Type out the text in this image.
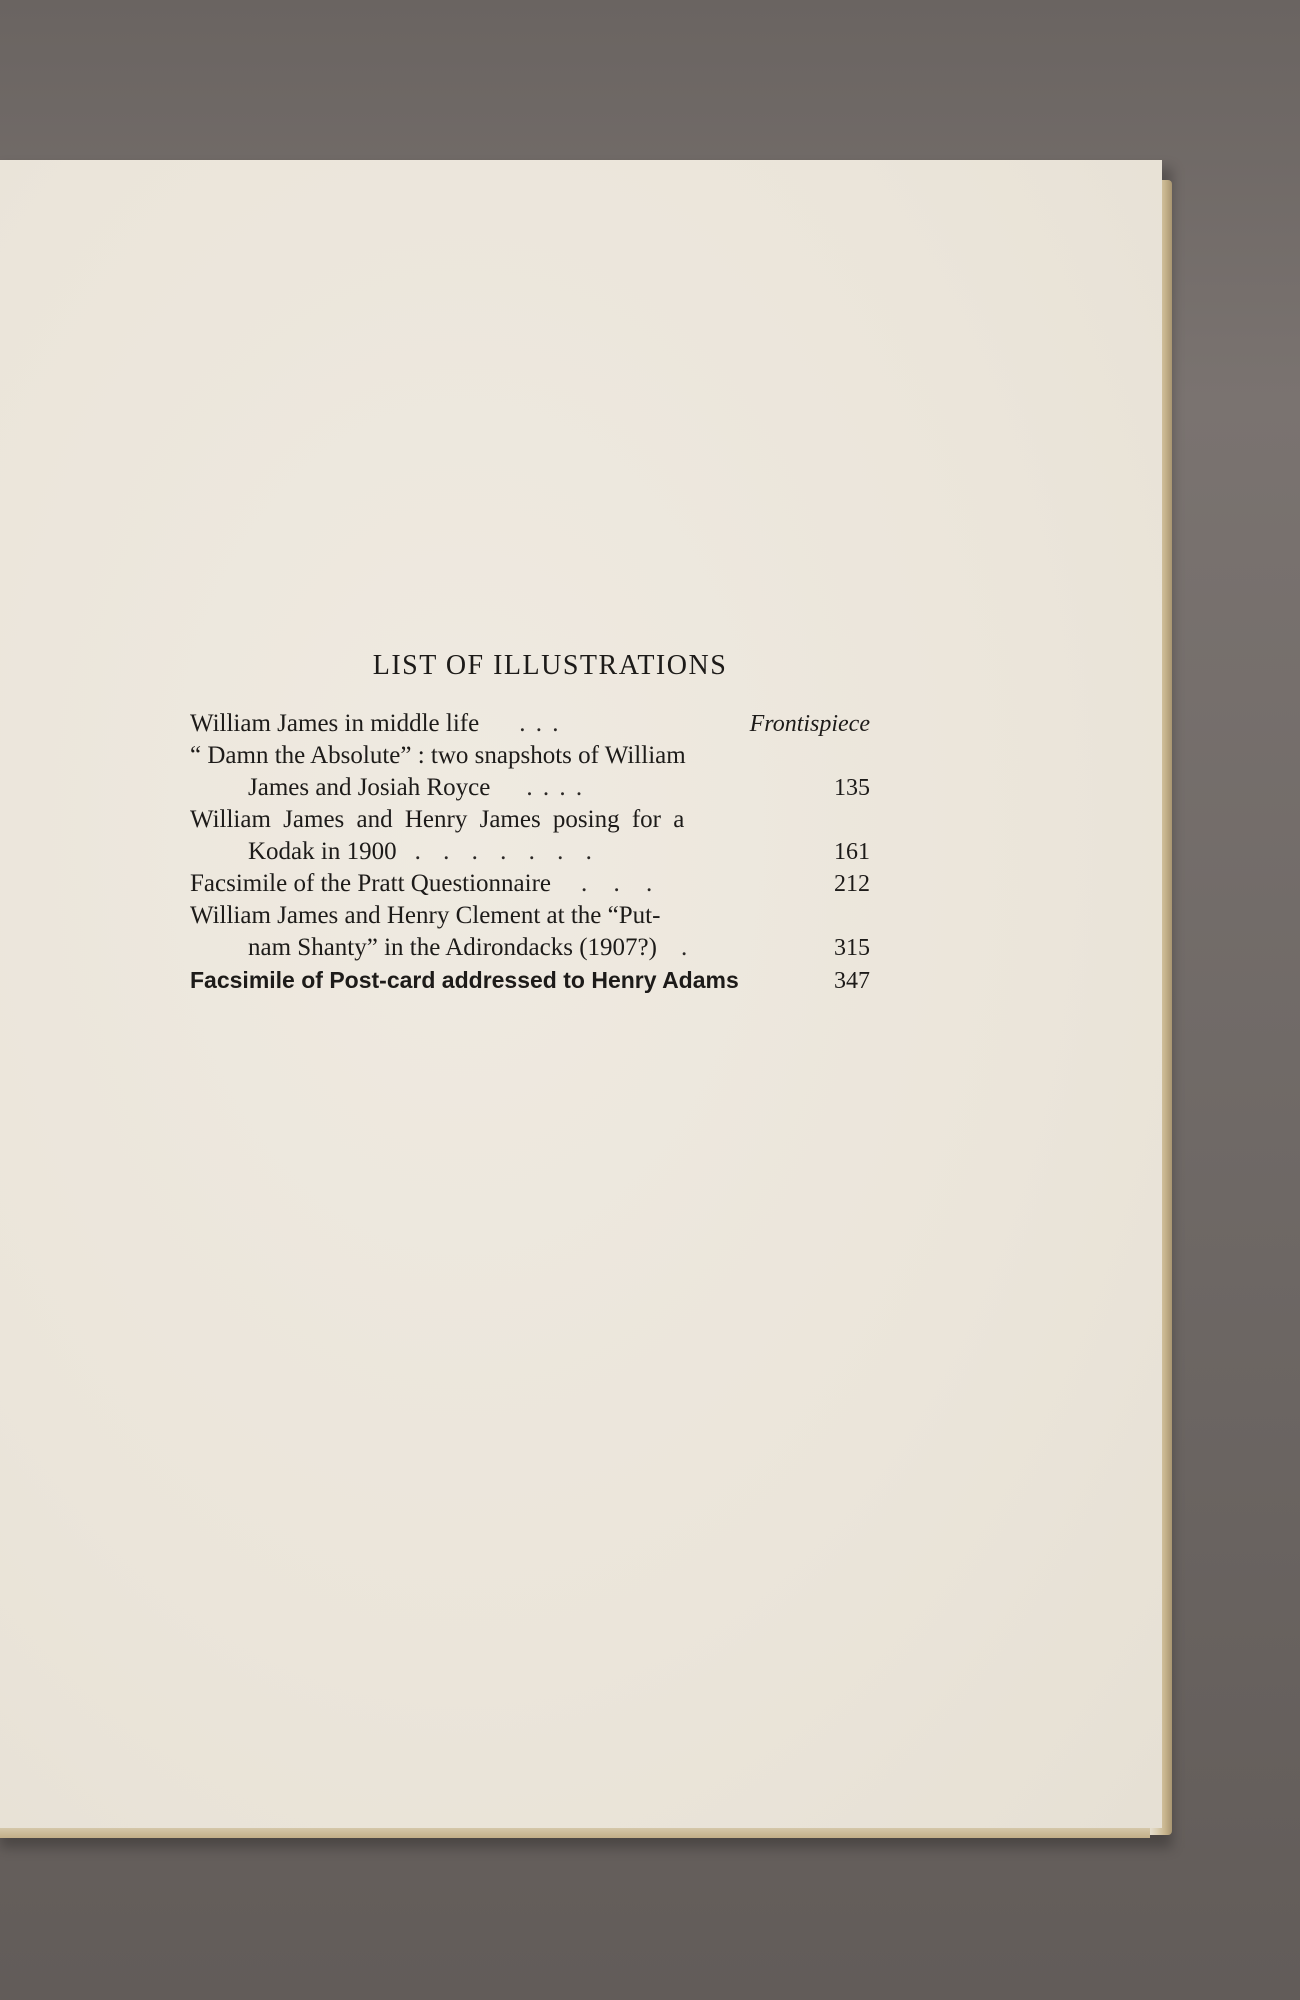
LIST OF ILLUSTRATIONS
William James in middle life	. . .	Frontispiece
“ Damn the Absolute” : two snapshots of William
James and Josiah Royce	. . . .	135
William James and Henry James posing for a
Kodak in 1900 . . . . . . .	161
Facsimile of the Pratt Questionnaire	. . .	212
William James and Henry Clement at the “Put-
nam Shanty” in the Adirondacks (1907?) .	315
Facsimile of Post-card addressed to Henry Adams	347
